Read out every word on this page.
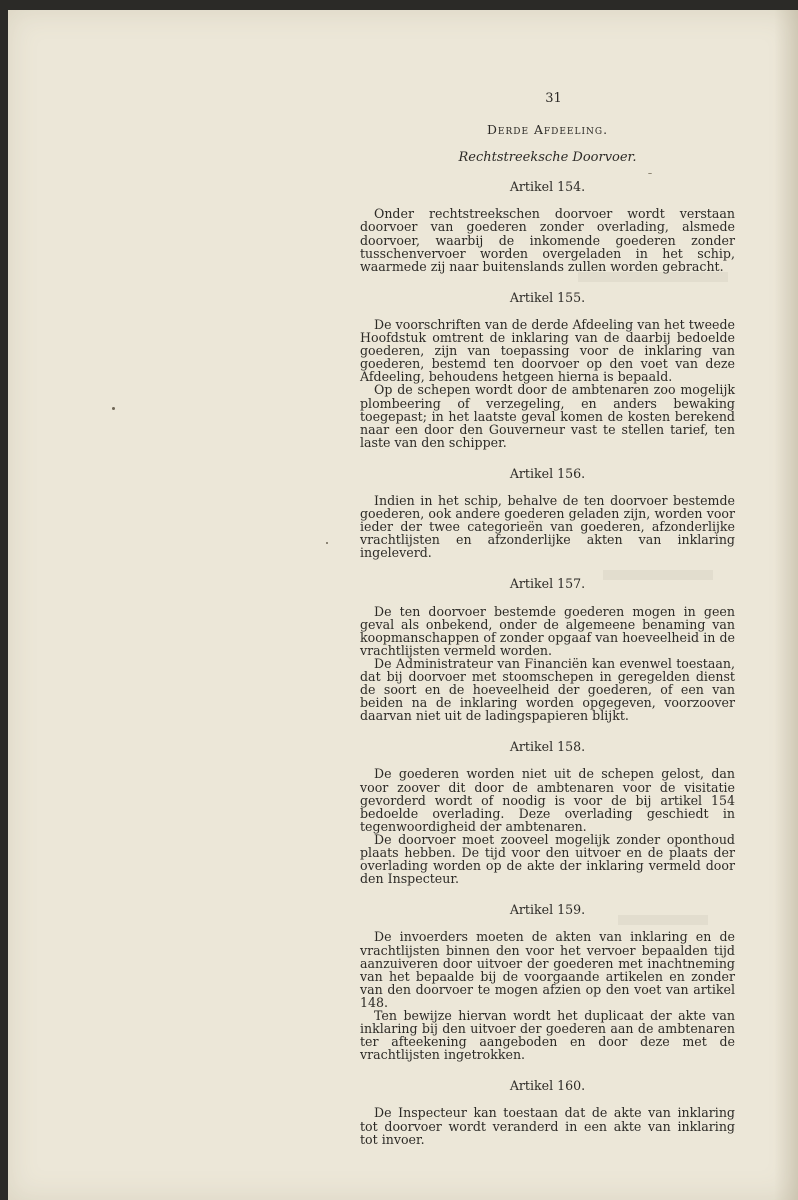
31
Derde Afdeeling.
Rechtstreeksche Doorvoer.
Artikel 154.

Onder rechtstreekschen doorvoer wordt verstaan doorvoer van goederen zonder overlading, alsmede doorvoer, waarbij de inkomende goederen zonder tusschenvervoer worden overgeladen in het schip, waarmede zij naar buitenslands zullen worden gebracht.

Artikel 155.

De voorschriften van de derde Afdeeling van het tweede Hoofdstuk omtrent de inklaring van de daarbij bedoelde goederen, zijn van toepassing voor de inklaring van goederen, bestemd ten doorvoer op den voet van deze Afdeeling, behoudens hetgeen hierna is bepaald.

Op de schepen wordt door de ambtenaren zoo mogelijk plombeering of verzegeling, en anders bewaking toegepast; in het laatste geval komen de kosten berekend naar een door den Gouverneur vast te stellen tarief, ten laste van den schipper.

Artikel 156.

Indien in het schip, behalve de ten doorvoer bestemde goederen, ook andere goederen geladen zijn, worden voor ieder der twee categorieën van goederen, afzonderlijke vrachtlijsten en afzonderlijke akten van inklaring ingeleverd.

Artikel 157.

De ten doorvoer bestemde goederen mogen in geen geval als onbekend, onder de algemeene benaming van koopmanschappen of zonder opgaaf van hoeveelheid in de vrachtlijsten vermeld worden.

De Administrateur van Financiën kan evenwel toestaan, dat bij doorvoer met stoomschepen in geregelden dienst de soort en de hoeveelheid der goederen, of een van beiden na de inklaring worden opgegeven, voorzoover daarvan niet uit de ladingspapieren blijkt.

Artikel 158.

De goederen worden niet uit de schepen gelost, dan voor zoover dit door de ambtenaren voor de visitatie gevorderd wordt of noodig is voor de bij artikel 154 bedoelde overlading. Deze overlading geschiedt in tegenwoordigheid der ambtenaren.

De doorvoer moet zooveel mogelijk zonder oponthoud plaats hebben. De tijd voor den uitvoer en de plaats der overlading worden op de akte der inklaring vermeld door den Inspecteur.

Artikel 159.

De invoerders moeten de akten van inklaring en de vrachtlijsten binnen den voor het vervoer bepaalden tijd aanzuiveren door uitvoer der goederen met inachtneming van het bepaalde bij de voorgaande artikelen en zonder van den doorvoer te mogen afzien op den voet van artikel 148.

Ten bewijze hiervan wordt het duplicaat der akte van inklaring bij den uitvoer der goederen aan de ambtenaren ter afteekening aangeboden en door deze met de vrachtlijsten ingetrokken.

Artikel 160.

De Inspecteur kan toestaan dat de akte van inklaring tot doorvoer wordt veranderd in een akte van inklaring tot invoer.
